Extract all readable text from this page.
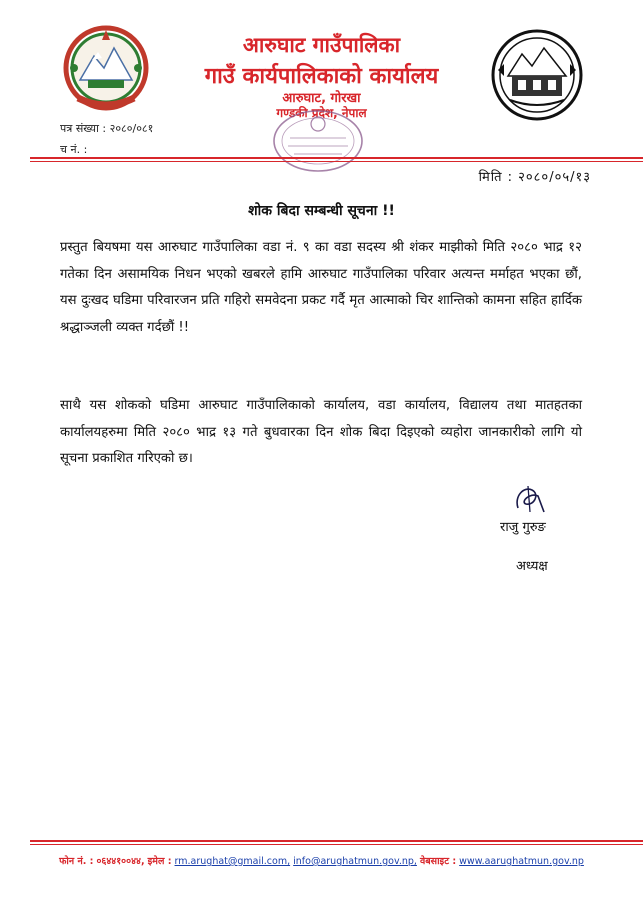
आरुघाट गाउँपालिका
गाउँ कार्यपालिकाको कार्यालय
आरुघाट, गोरखा
गण्डकी प्रदेश, नेपाल
पत्र संख्या : २०८०/०८१
च नं. :
मिति : २०८०/०५/१३
शोक बिदा सम्बन्धी सूचना !!
प्रस्तुत बियषमा यस आरुघाट गाउँपालिका वडा नं. ९ का वडा सदस्य श्री शंकर माझीको मिति २०८० भाद्र १२ गतेका दिन असामयिक निधन भएको खबरले हामि आरुघाट गाउँपालिका परिवार अत्यन्त मर्माहत भएका छौं, यस दुःखद घडिमा परिवारजन प्रति गहिरो समवेदना प्रकट गर्दै मृत आत्माको चिर शान्तिको कामना सहित हार्दिक श्रद्धाञ्जली व्यक्त गर्दछौं !!
साथै यस शोकको घडिमा आरुघाट गाउँपालिकाको कार्यालय, वडा कार्यालय, विद्यालय तथा मातहतका कार्यालयहरुमा मिति २०८० भाद्र १३ गते बुधवारका दिन शोक बिदा दिइएको व्यहोरा जानकारीको लागि यो सूचना प्रकाशित गरिएको छ।
राजु गुरुङ
अध्यक्ष
फोन नं. : ०६४४१००४४, इमेल : rm.arughat@gmail.com, info@arughatmun.gov.np, वेबसाइट : www.aarughatmun.gov.np
